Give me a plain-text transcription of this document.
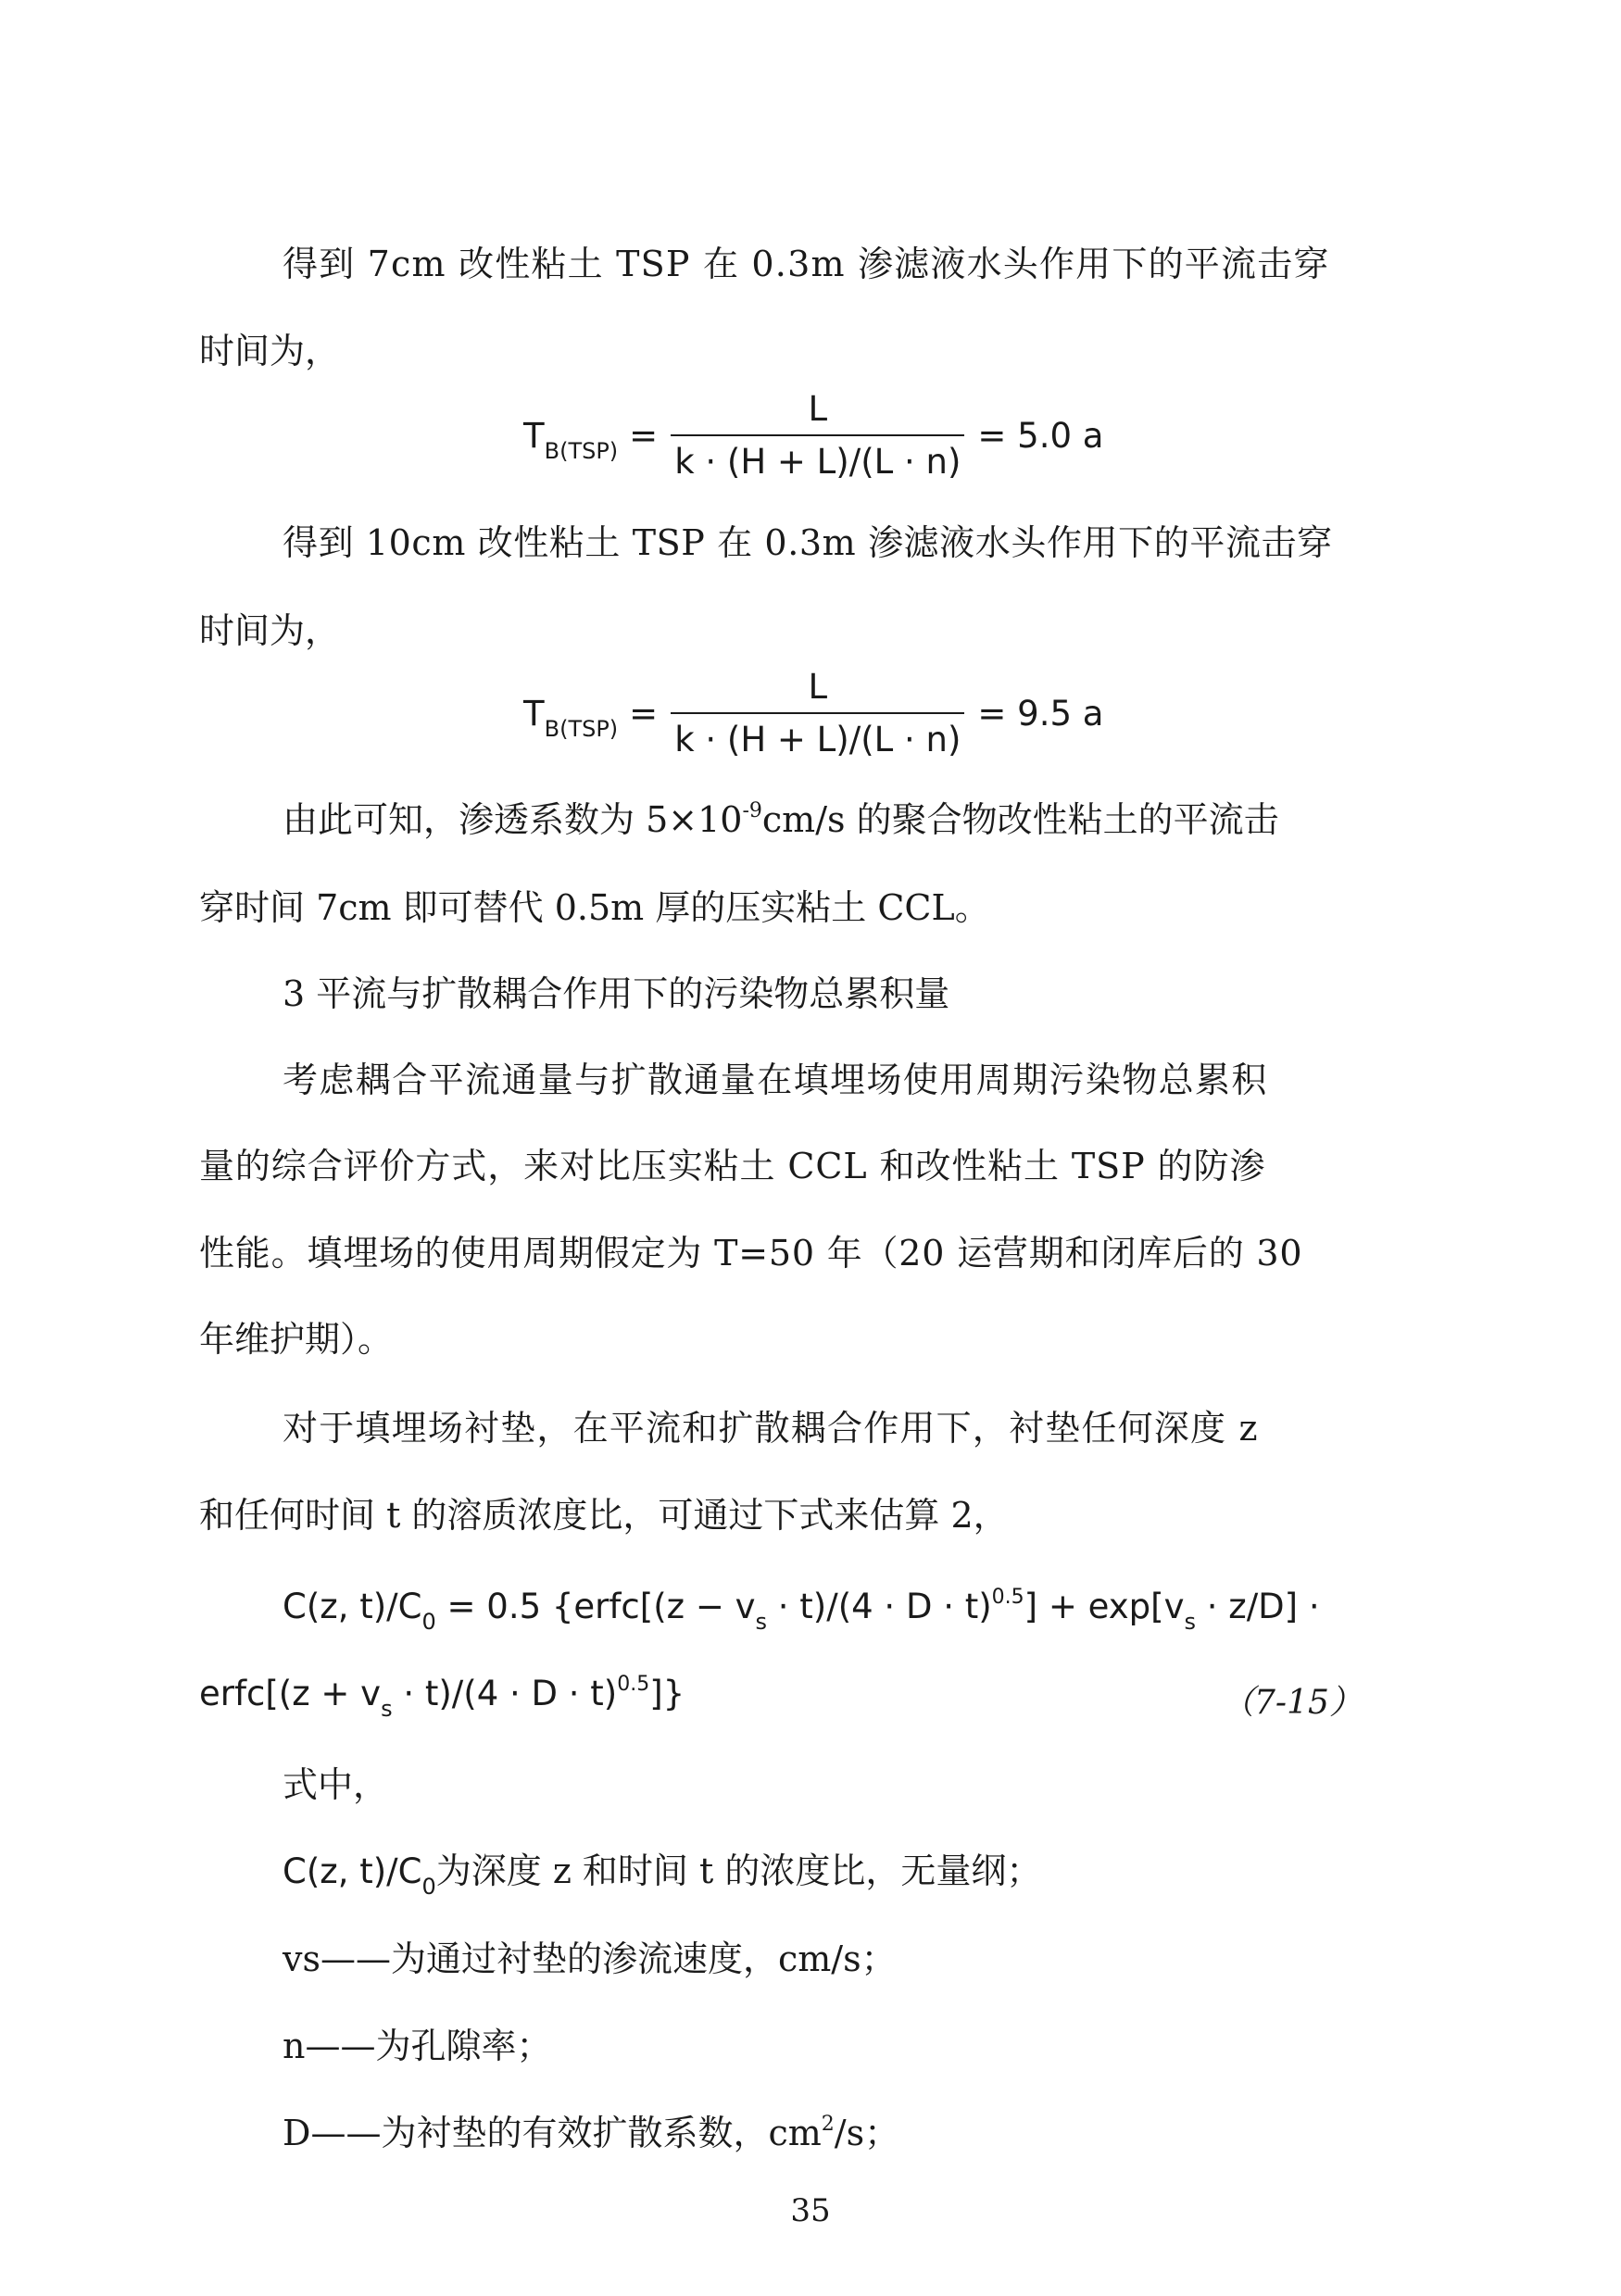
得到 7cm 改性粘土 TSP 在 0.3m 渗滤液水头作用下的平流击穿
时间为，
$T_{B(TSP)} = \frac{L}{k \cdot (H + L)/(L \cdot n)} = 5.0$ a
得到 10cm 改性粘土 TSP 在 0.3m 渗滤液水头作用下的平流击穿
时间为，
$T_{B(TSP)} = \frac{L}{k \cdot (H + L)/(L \cdot n)} = 9.5$ a
由此可知，渗透系数为 $5\times 10^{-9}cm/s$ 的聚合物改性粘土的平流击
穿时间 7cm 即可替代 0.5m 厚的压实粘土 CCL。
3 平流与扩散耦合作用下的污染物总累积量
考虑耦合平流通量与扩散通量在填埋场使用周期污染物总累积
量的综合评价方式，来对比压实粘土 CCL 和改性粘土 TSP 的防渗
性能。填埋场的使用周期假定为 T=50 年（20 运营期和闭库后的 30
年维护期）。
对于填埋场衬垫，在平流和扩散耦合作用下，衬垫任何深度 z
和任何时间 t 的溶质浓度比，可通过下式来估算 2，
C(z, $t)/C_0 = 0.5$ {erfc[(z − $v_s \cdot t)/(4 \cdot D \cdot t)^{0.5}] + \exp[v_s \cdot z/D]$ ·
erfc[(z + $v_s \cdot t)/(4 \cdot D \cdot t)^{0.5}$]}	（7-15）
式中，
C(z, $t)/C_0$为深度 z 和时间 t 的浓度比，无量纲；
vs——为通过衬垫的渗流速度，cm/s；
n——为孔隙率；
D——为衬垫的有效扩散系数，$cm^2/s$；
35
